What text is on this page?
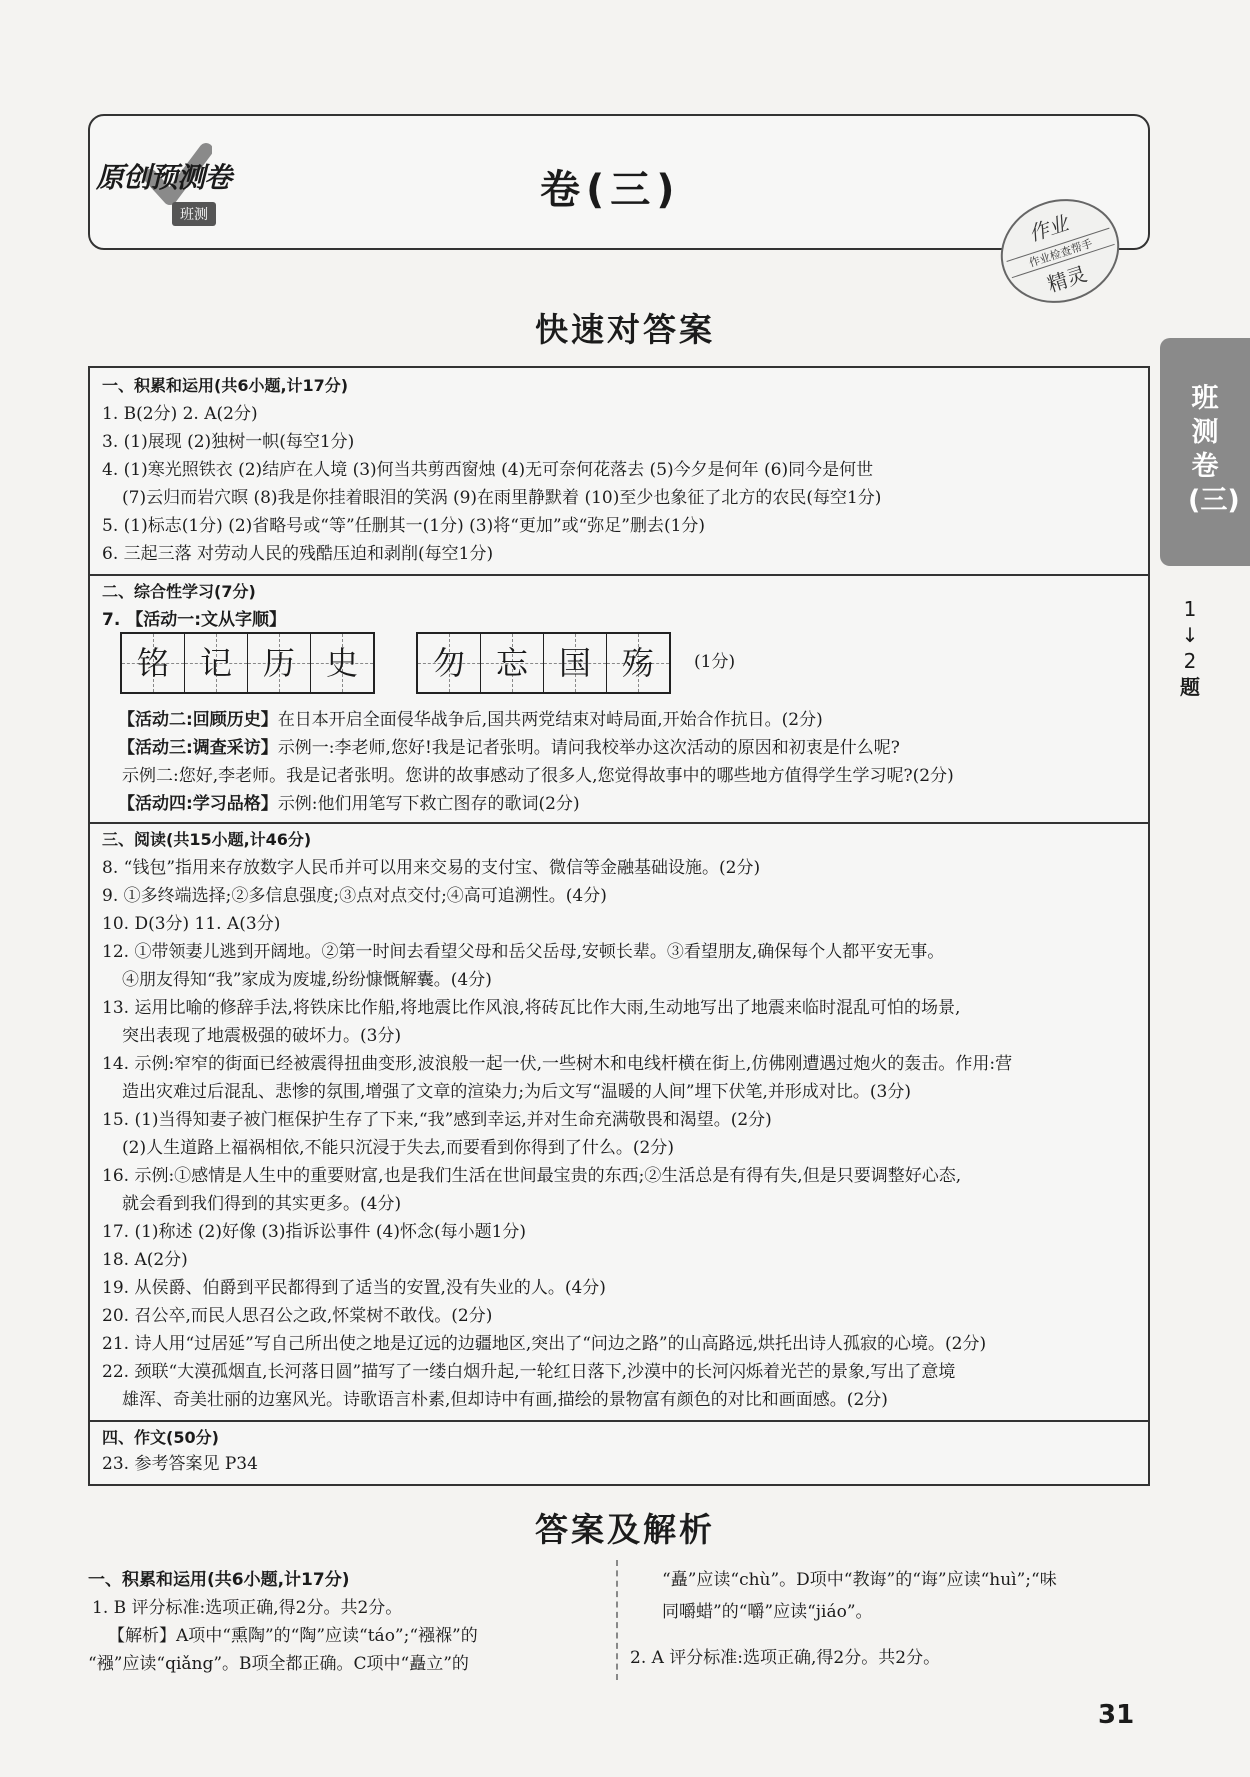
原创预测卷
班测
卷(三)
作业
作业检查帮手
精灵
班测卷(三)
1
↓
2
题
快速对答案
一、积累和运用(共6小题,计17分)
1. B(2分) 2. A(2分)
3. (1)展现 (2)独树一帜(每空1分)
4. (1)寒光照铁衣 (2)结庐在人境 (3)何当共剪西窗烛 (4)无可奈何花落去 (5)今夕是何年 (6)同今是何世
(7)云归而岩穴暝 (8)我是你挂着眼泪的笑涡 (9)在雨里静默着 (10)至少也象征了北方的农民(每空1分)
5. (1)标志(1分) (2)省略号或“等”任删其一(1分) (3)将“更加”或“弥足”删去(1分)
6. 三起三落 对劳动人民的残酷压迫和剥削(每空1分)
二、综合性学习(7分)
7. 【活动一:文从字顺】
铭 记 历 史	勿 忘 国 殇	(1分)
【活动二:回顾历史】在日本开启全面侵华战争后,国共两党结束对峙局面,开始合作抗日。(2分)
【活动三:调查采访】示例一:李老师,您好!我是记者张明。请问我校举办这次活动的原因和初衷是什么呢?
示例二:您好,李老师。我是记者张明。您讲的故事感动了很多人,您觉得故事中的哪些地方值得学生学习呢?(2分)
【活动四:学习品格】示例:他们用笔写下救亡图存的歌词(2分)
三、阅读(共15小题,计46分)
8. “钱包”指用来存放数字人民币并可以用来交易的支付宝、微信等金融基础设施。(2分)
9. ①多终端选择;②多信息强度;③点对点交付;④高可追溯性。(4分)
10. D(3分) 11. A(3分)
12. ①带领妻儿逃到开阔地。②第一时间去看望父母和岳父岳母,安顿长辈。③看望朋友,确保每个人都平安无事。
④朋友得知“我”家成为废墟,纷纷慷慨解囊。(4分)
13. 运用比喻的修辞手法,将铁床比作船,将地震比作风浪,将砖瓦比作大雨,生动地写出了地震来临时混乱可怕的场景,
突出表现了地震极强的破坏力。(3分)
14. 示例:窄窄的街面已经被震得扭曲变形,波浪般一起一伏,一些树木和电线杆横在街上,仿佛刚遭遇过炮火的轰击。作用:营
造出灾难过后混乱、悲惨的氛围,增强了文章的渲染力;为后文写“温暖的人间”埋下伏笔,并形成对比。(3分)
15. (1)当得知妻子被门框保护生存了下来,“我”感到幸运,并对生命充满敬畏和渴望。(2分)
(2)人生道路上福祸相依,不能只沉浸于失去,而要看到你得到了什么。(2分)
16. 示例:①感情是人生中的重要财富,也是我们生活在世间最宝贵的东西;②生活总是有得有失,但是只要调整好心态,
就会看到我们得到的其实更多。(4分)
17. (1)称述 (2)好像 (3)指诉讼事件 (4)怀念(每小题1分)
18. A(2分)
19. 从侯爵、伯爵到平民都得到了适当的安置,没有失业的人。(4分)
20. 召公卒,而民人思召公之政,怀棠树不敢伐。(2分)
21. 诗人用“过居延”写自己所出使之地是辽远的边疆地区,突出了“问边之路”的山高路远,烘托出诗人孤寂的心境。(2分)
22. 颈联“大漠孤烟直,长河落日圆”描写了一缕白烟升起,一轮红日落下,沙漠中的长河闪烁着光芒的景象,写出了意境
雄浑、奇美壮丽的边塞风光。诗歌语言朴素,但却诗中有画,描绘的景物富有颜色的对比和画面感。(2分)
四、作文(50分)
23. 参考答案见 P34
答案及解析
一、积累和运用(共6小题,计17分)
1. B 评分标准:选项正确,得2分。共2分。
【解析】A项中“熏陶”的“陶”应读“táo”;“襁褓”的
“襁”应读“qiǎng”。B项全都正确。C项中“矗立”的
“矗”应读“chù”。D项中“教诲”的“诲”应读“huì”;“味
同嚼蜡”的“嚼”应读“jiáo”。
2. A 评分标准:选项正确,得2分。共2分。
31
